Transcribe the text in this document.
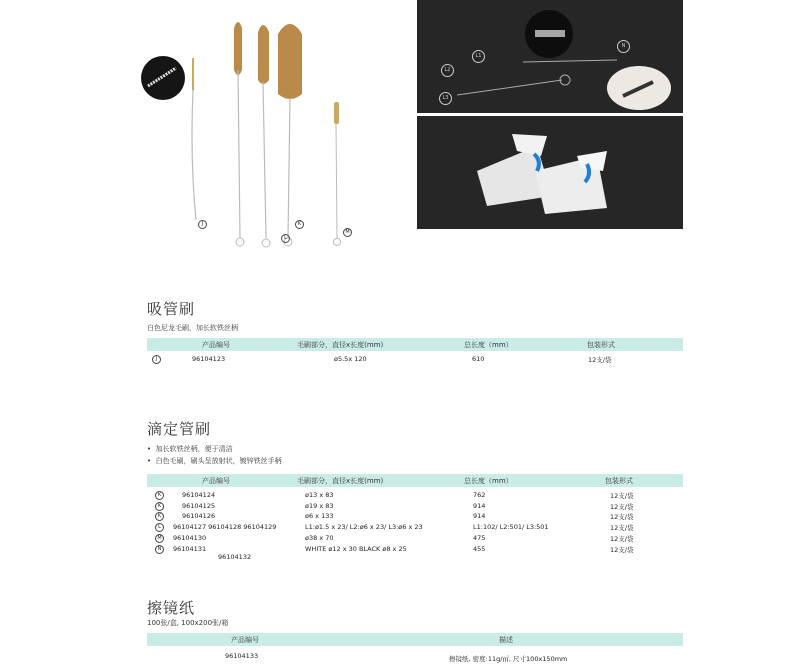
J	K
L
M
L1
L2
L3
N
吸管刷
白色尼龙毛刷，加长软铁丝柄
产品编号	毛刷部分，直径x长度(mm)	总长度（mm）	包装形式
J	96104123	ø5.5x 120	610	12支/袋
滴定管刷
•  加长软铁丝柄，便于清洁
•  白色毛刷，刷头呈放射状，镀锌铁丝手柄
产品编号	毛刷部分，直径x长度(mm)	总长度（mm）	包装形式
K	96104124	ø13 x 83	762	12支/袋
K	96104125	ø19 x 83	914	12支/袋
K	96104126	ø6 x 133	914	12支/袋
L	96104127 96104128 96104129	L1:ø1.5 x 23/ L2:ø6 x 23/ L3:ø6 x 23	L1:102/ L2:501/ L3:501	12支/袋
M	96104130	ø38 x 70	475	12支/袋
N	96104131	WHITE ø12 x 30 BLACK ø8 x 25	455	12支/袋
96104132
擦镜纸
100张/盒, 100x200张/箱
产品编号	描述
96104133	擦镜纸, 密度:11g/㎡, 尺寸100x150mm
